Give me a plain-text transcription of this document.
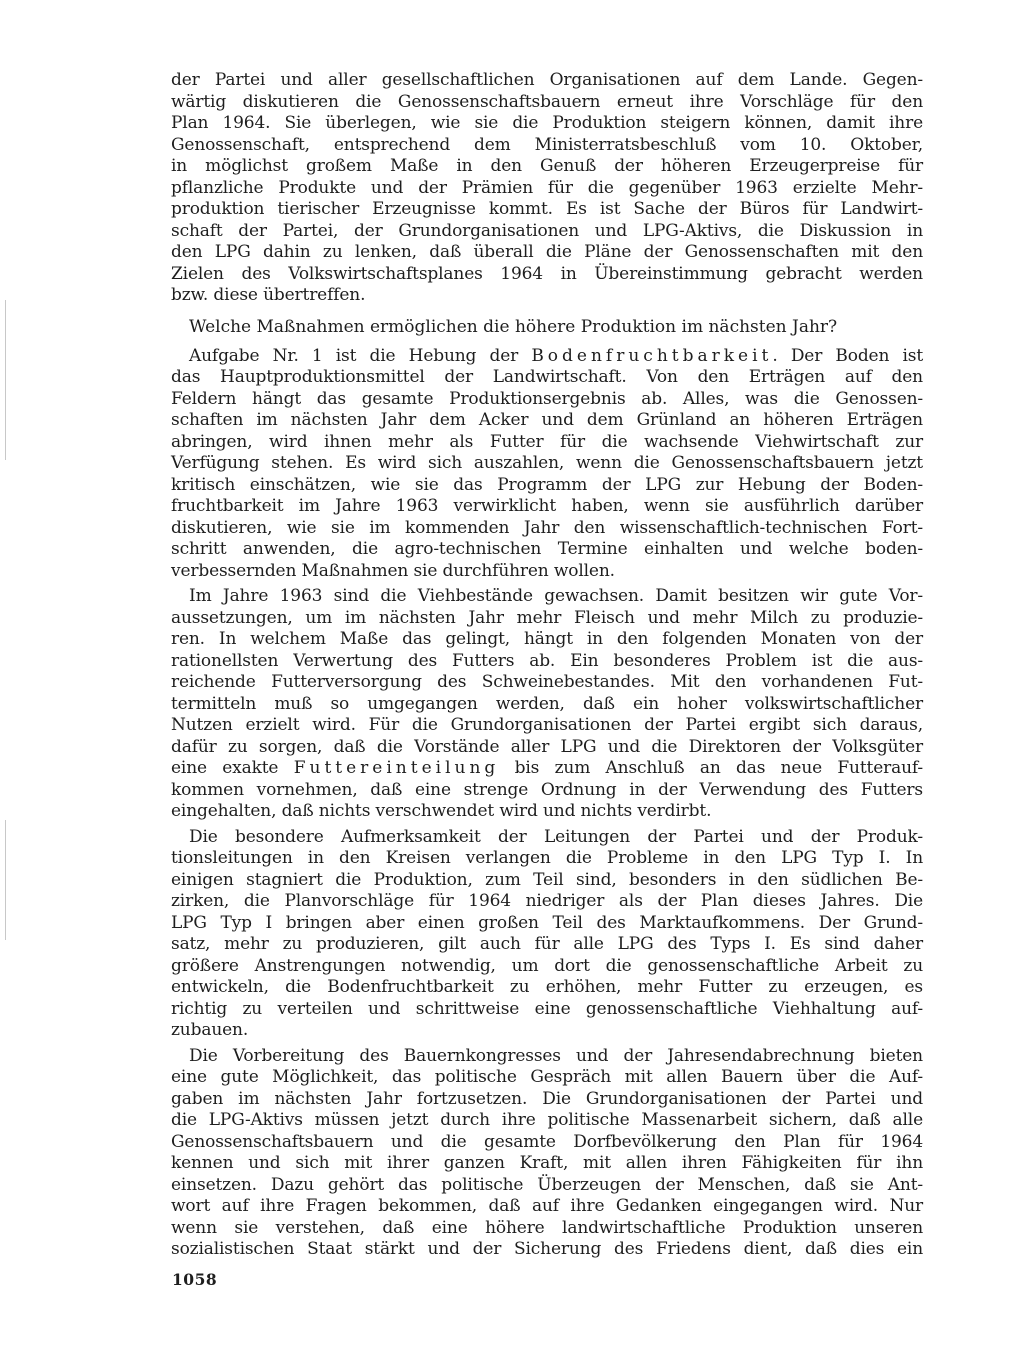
der Partei und aller gesellschaftlichen Organisationen auf dem Lande. Gegen-
wärtig diskutieren die Genossenschaftsbauern erneut ihre Vorschläge für den
Plan 1964. Sie überlegen, wie sie die Produktion steigern können, damit ihre
Genossenschaft, entsprechend dem Ministerratsbeschluß vom 10. Oktober,
in möglichst großem Maße in den Genuß der höheren Erzeugerpreise für
pflanzliche Produkte und der Prämien für die gegenüber 1963 erzielte Mehr-
produktion tierischer Erzeugnisse kommt. Es ist Sache der Büros für Landwirt-
schaft der Partei, der Grundorganisationen und LPG-Aktivs, die Diskussion in
den LPG dahin zu lenken, daß überall die Pläne der Genossenschaften mit den
Zielen des Volkswirtschaftsplanes 1964 in Übereinstimmung gebracht werden
bzw. diese übertreffen.
Welche Maßnahmen ermöglichen die höhere Produktion im nächsten Jahr?
Aufgabe Nr. 1 ist die Hebung der Bodenfruchtbarkeit. Der Boden ist
das Hauptproduktionsmittel der Landwirtschaft. Von den Erträgen auf den
Feldern hängt das gesamte Produktionsergebnis ab. Alles, was die Genossen-
schaften im nächsten Jahr dem Acker und dem Grünland an höheren Erträgen
abringen, wird ihnen mehr als Futter für die wachsende Viehwirtschaft zur
Verfügung stehen. Es wird sich auszahlen, wenn die Genossenschaftsbauern jetzt
kritisch einschätzen, wie sie das Programm der LPG zur Hebung der Boden-
fruchtbarkeit im Jahre 1963 verwirklicht haben, wenn sie ausführlich darüber
diskutieren, wie sie im kommenden Jahr den wissenschaftlich-technischen Fort-
schritt anwenden, die agro-technischen Termine einhalten und welche boden-
verbessernden Maßnahmen sie durchführen wollen.
Im Jahre 1963 sind die Viehbestände gewachsen. Damit besitzen wir gute Vor-
aussetzungen, um im nächsten Jahr mehr Fleisch und mehr Milch zu produzie-
ren. In welchem Maße das gelingt, hängt in den folgenden Monaten von der
rationellsten Verwertung des Futters ab. Ein besonderes Problem ist die aus-
reichende Futterversorgung des Schweinebestandes. Mit den vorhandenen Fut-
termitteln muß so umgegangen werden, daß ein hoher volkswirtschaftlicher
Nutzen erzielt wird. Für die Grundorganisationen der Partei ergibt sich daraus,
dafür zu sorgen, daß die Vorstände aller LPG und die Direktoren der Volksgüter
eine exakte Futtereinteilung bis zum Anschluß an das neue Futterauf-
kommen vornehmen, daß eine strenge Ordnung in der Verwendung des Futters
eingehalten, daß nichts verschwendet wird und nichts verdirbt.
Die besondere Aufmerksamkeit der Leitungen der Partei und der Produk-
tionsleitungen in den Kreisen verlangen die Probleme in den LPG Typ I. In
einigen stagniert die Produktion, zum Teil sind, besonders in den südlichen Be-
zirken, die Planvorschläge für 1964 niedriger als der Plan dieses Jahres. Die
LPG Typ I bringen aber einen großen Teil des Marktaufkommens. Der Grund-
satz, mehr zu produzieren, gilt auch für alle LPG des Typs I. Es sind daher
größere Anstrengungen notwendig, um dort die genossenschaftliche Arbeit zu
entwickeln, die Bodenfruchtbarkeit zu erhöhen, mehr Futter zu erzeugen, es
richtig zu verteilen und schrittweise eine genossenschaftliche Viehhaltung auf-
zubauen.
Die Vorbereitung des Bauernkongresses und der Jahresendabrechnung bieten
eine gute Möglichkeit, das politische Gespräch mit allen Bauern über die Auf-
gaben im nächsten Jahr fortzusetzen. Die Grundorganisationen der Partei und
die LPG-Aktivs müssen jetzt durch ihre politische Massenarbeit sichern, daß alle
Genossenschaftsbauern und die gesamte Dorfbevölkerung den Plan für 1964
kennen und sich mit ihrer ganzen Kraft, mit allen ihren Fähigkeiten für ihn
einsetzen. Dazu gehört das politische Überzeugen der Menschen, daß sie Ant-
wort auf ihre Fragen bekommen, daß auf ihre Gedanken eingegangen wird. Nur
wenn sie verstehen, daß eine höhere landwirtschaftliche Produktion unseren
sozialistischen Staat stärkt und der Sicherung des Friedens dient, daß dies ein
1058
